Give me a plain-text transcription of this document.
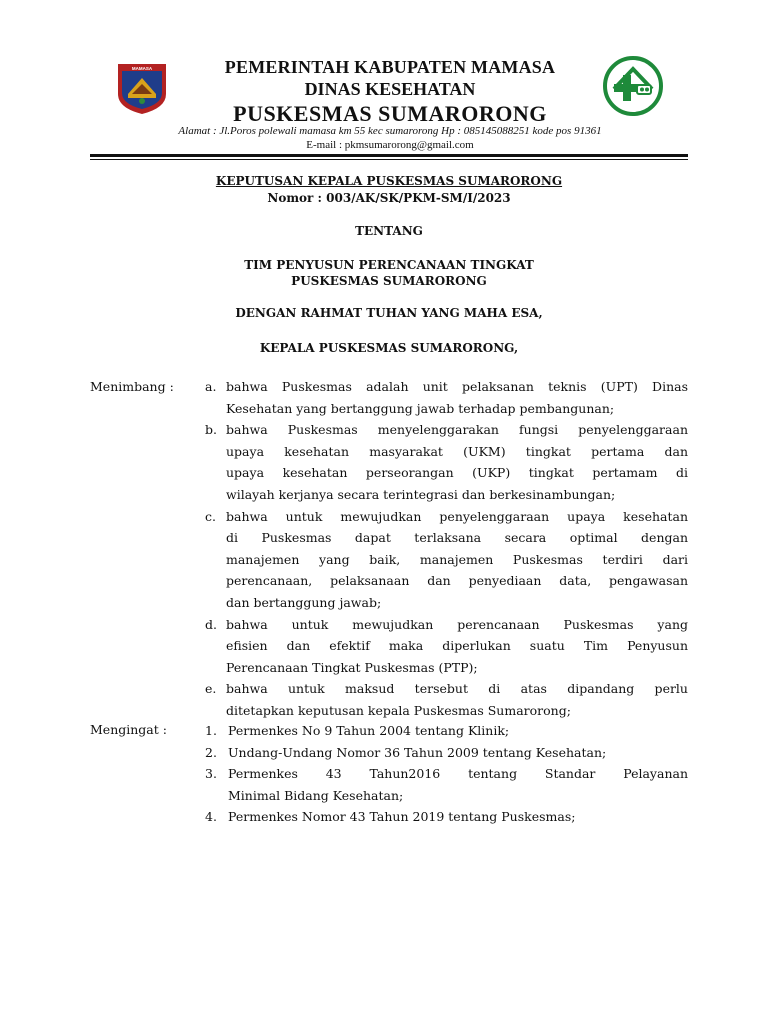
MAMASA	PEMERINTAH KABUPATEN MAMASA
DINAS KESEHATAN
PUSKESMAS SUMARORONG
Alamat : Jl.Poros polewali mamasa km 55 kec sumarorong Hp : 085145088251 kode pos 91361
E-mail : pkmsumarorong@gmail.com
KEPUTUSAN KEPALA PUSKESMAS SUMARORONG
Nomor : 003/AK/SK/PKM-SM/I/2023
TENTANG
TIM PENYUSUN PERENCANAAN TINGKAT
PUSKESMAS SUMARORONG
DENGAN RAHMAT TUHAN YANG MAHA ESA,
KEPALA PUSKESMAS SUMARORONG,
Menimbang : a. bahwa Puskesmas adalah unit pelaksanan teknis (UPT) Dinas
Kesehatan yang bertanggung jawab terhadap pembangunan;
b. bahwa Puskesmas menyelenggarakan fungsi penyelenggaraan
upaya kesehatan masyarakat (UKM) tingkat pertama dan
upaya kesehatan perseorangan (UKP) tingkat pertamam di
wilayah kerjanya secara terintegrasi dan berkesinambungan;
c. bahwa untuk mewujudkan penyelenggaraan upaya kesehatan
di Puskesmas dapat terlaksana secara optimal dengan
manajemen yang baik, manajemen Puskesmas terdiri dari
perencanaan, pelaksanaan dan penyediaan data, pengawasan
dan bertanggung jawab;
d. bahwa untuk mewujudkan perencanaan Puskesmas yang
efisien dan efektif maka diperlukan suatu Tim Penyusun
Perencanaan Tingkat Puskesmas (PTP);
e. bahwa untuk maksud tersebut di atas dipandang perlu
ditetapkan keputusan kepala Puskesmas Sumarorong;
Mengingat :	1. Permenkes No 9 Tahun 2004 tentang Klinik;
2. Undang-Undang Nomor 36 Tahun 2009 tentang Kesehatan;
3. Permenkes 43 Tahun2016 tentang Standar Pelayanan
Minimal Bidang Kesehatan;
4. Permenkes Nomor 43 Tahun 2019 tentang Puskesmas;
